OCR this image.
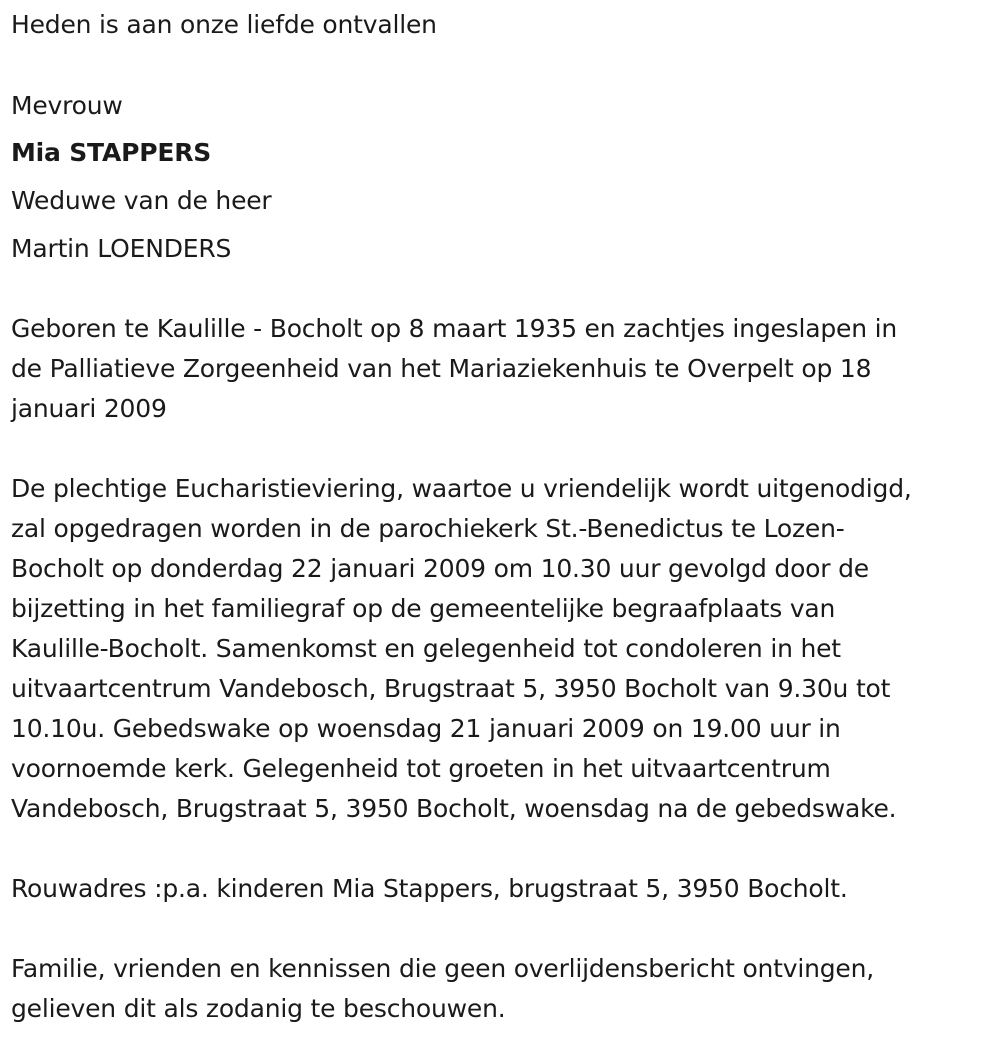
Heden is aan onze liefde ontvallen
Mevrouw
Mia STAPPERS
Weduwe van de heer
Martin LOENDERS
Geboren te Kaulille - Bocholt op 8 maart 1935 en zachtjes ingeslapen in
de Palliatieve Zorgeenheid van het Mariaziekenhuis te Overpelt op 18
januari 2009
De plechtige Eucharistieviering, waartoe u vriendelijk wordt uitgenodigd,
zal opgedragen worden in de parochiekerk St.-Benedictus te Lozen-
Bocholt op donderdag 22 januari 2009 om 10.30 uur gevolgd door de
bijzetting in het familiegraf op de gemeentelijke begraafplaats van
Kaulille-Bocholt. Samenkomst en gelegenheid tot condoleren in het
uitvaartcentrum Vandebosch, Brugstraat 5, 3950 Bocholt van 9.30u tot
10.10u. Gebedswake op woensdag 21 januari 2009 on 19.00 uur in
voornoemde kerk. Gelegenheid tot groeten in het uitvaartcentrum
Vandebosch, Brugstraat 5, 3950 Bocholt, woensdag na de gebedswake.
Rouwadres :p.a. kinderen Mia Stappers, brugstraat 5, 3950 Bocholt.
Familie, vrienden en kennissen die geen overlijdensbericht ontvingen,
gelieven dit als zodanig te beschouwen.
